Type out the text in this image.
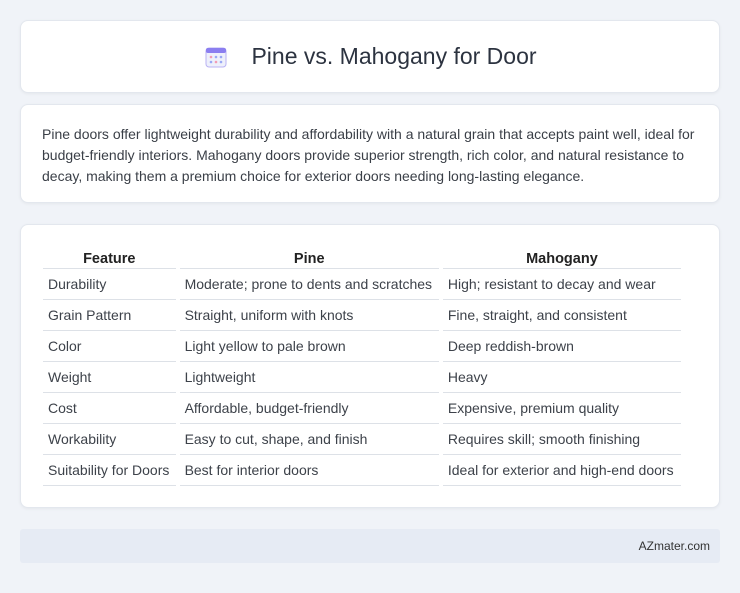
Pine vs. Mahogany for Door

Pine doors offer lightweight durability and affordability with a natural grain that accepts paint well, ideal for budget-friendly interiors. Mahogany doors provide superior strength, rich color, and natural resistance to decay, making them a premium choice for exterior doors needing long-lasting elegance.

Feature	Pine	Mahogany
Durability	Moderate; prone to dents and scratches	High; resistant to decay and wear
Grain Pattern	Straight, uniform with knots	Fine, straight, and consistent
Color	Light yellow to pale brown	Deep reddish-brown
Weight	Lightweight	Heavy
Cost	Affordable, budget-friendly	Expensive, premium quality
Workability	Easy to cut, shape, and finish	Requires skill; smooth finishing
Suitability for Doors	Best for interior doors	Ideal for exterior and high-end doors
AZmater.com
